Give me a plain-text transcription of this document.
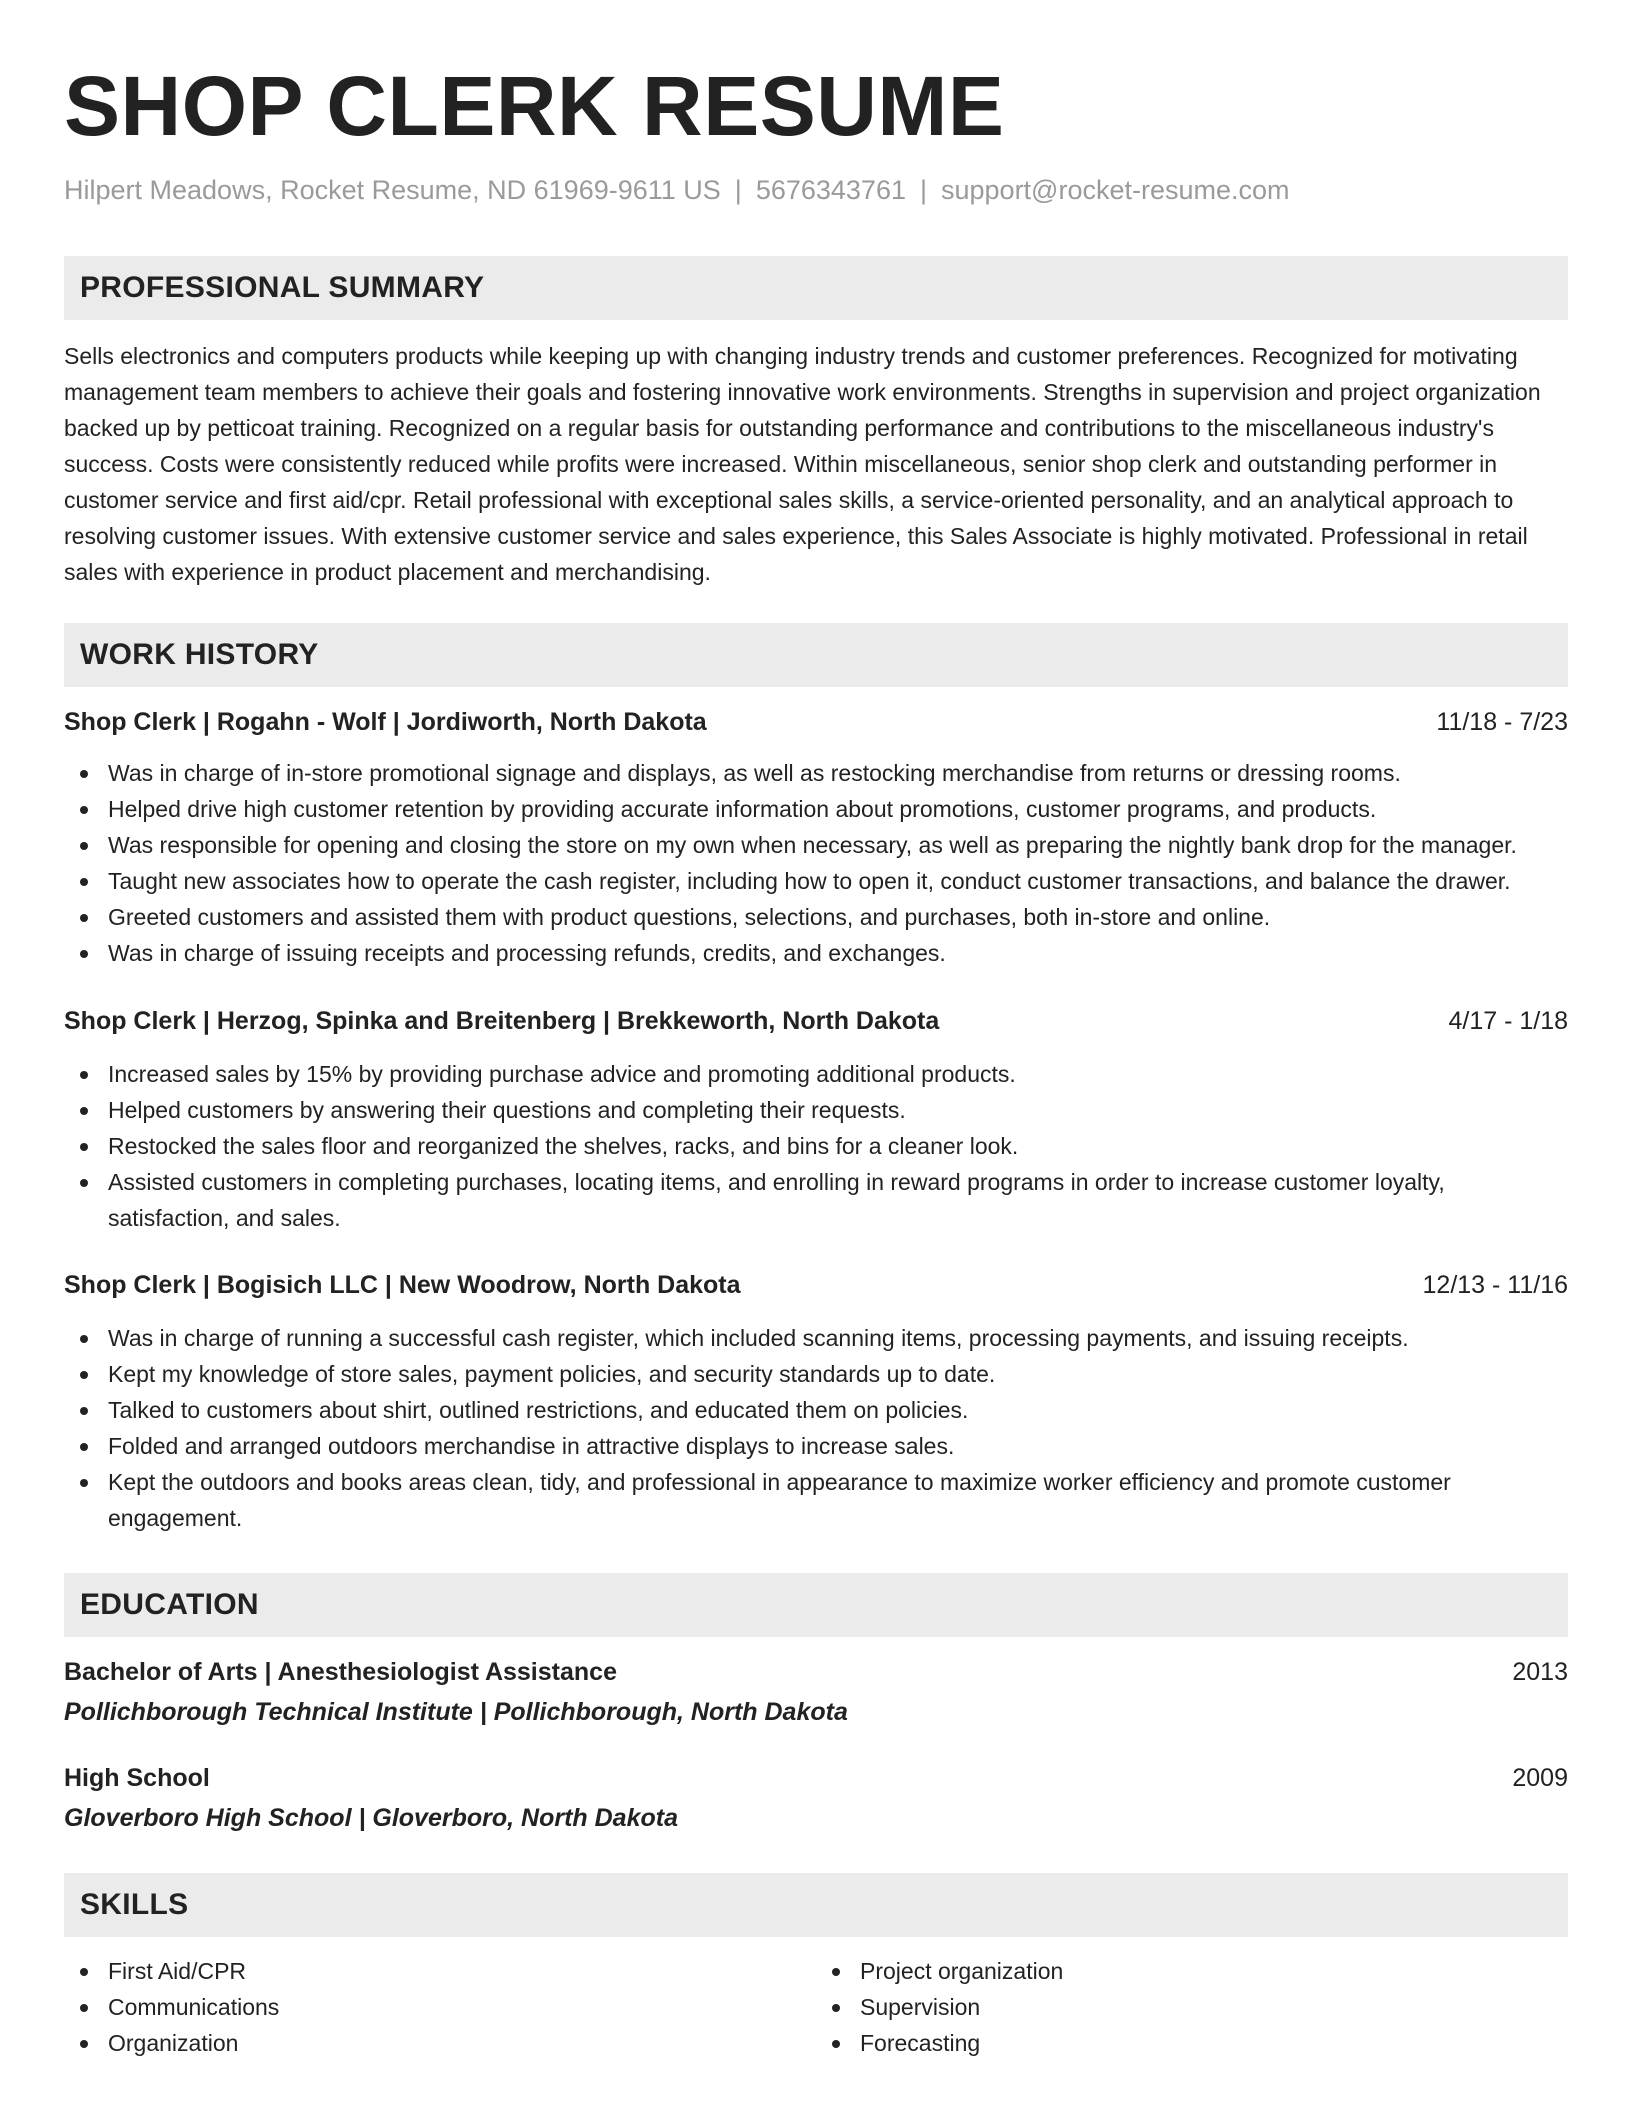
SHOP CLERK RESUME
Hilpert Meadows, Rocket Resume, ND 61969-9611 US | 5676343761 | support@rocket-resume.com
PROFESSIONAL SUMMARY

Sells electronics and computers products while keeping up with changing industry trends and customer preferences. Recognized for motivating management team members to achieve their goals and fostering innovative work environments. Strengths in supervision and project organization backed up by petticoat training. Recognized on a regular basis for outstanding performance and contributions to the miscellaneous industry's success. Costs were consistently reduced while profits were increased. Within miscellaneous, senior shop clerk and outstanding performer in customer service and first aid/cpr. Retail professional with exceptional sales skills, a service-oriented personality, and an analytical approach to resolving customer issues. With extensive customer service and sales experience, this Sales Associate is highly motivated. Professional in retail sales with experience in product placement and merchandising.

WORK HISTORY
Shop Clerk | Rogahn - Wolf | Jordiworth, North Dakota	11/18 - 7/23
Was in charge of in-store promotional signage and displays, as well as restocking merchandise from returns or dressing rooms.
Helped drive high customer retention by providing accurate information about promotions, customer programs, and products.
Was responsible for opening and closing the store on my own when necessary, as well as preparing the nightly bank drop for the manager.
Taught new associates how to operate the cash register, including how to open it, conduct customer transactions, and balance the drawer.
Greeted customers and assisted them with product questions, selections, and purchases, both in-store and online.
Was in charge of issuing receipts and processing refunds, credits, and exchanges.
Shop Clerk | Herzog, Spinka and Breitenberg | Brekkeworth, North Dakota	4/17 - 1/18
Increased sales by 15% by providing purchase advice and promoting additional products.
Helped customers by answering their questions and completing their requests.
Restocked the sales floor and reorganized the shelves, racks, and bins for a cleaner look.
Assisted customers in completing purchases, locating items, and enrolling in reward programs in order to increase customer loyalty, satisfaction, and sales.
Shop Clerk | Bogisich LLC | New Woodrow, North Dakota	12/13 - 11/16
Was in charge of running a successful cash register, which included scanning items, processing payments, and issuing receipts.
Kept my knowledge of store sales, payment policies, and security standards up to date.
Talked to customers about shirt, outlined restrictions, and educated them on policies.
Folded and arranged outdoors merchandise in attractive displays to increase sales.
Kept the outdoors and books areas clean, tidy, and professional in appearance to maximize worker efficiency and promote customer engagement.
EDUCATION
Bachelor of Arts | Anesthesiologist Assistance	2013
Pollichborough Technical Institute | Pollichborough, North Dakota
High School	2009
Gloverboro High School | Gloverboro, North Dakota
SKILLS
First Aid/CPR
Communications
Organization
Project organization
Supervision
Forecasting
